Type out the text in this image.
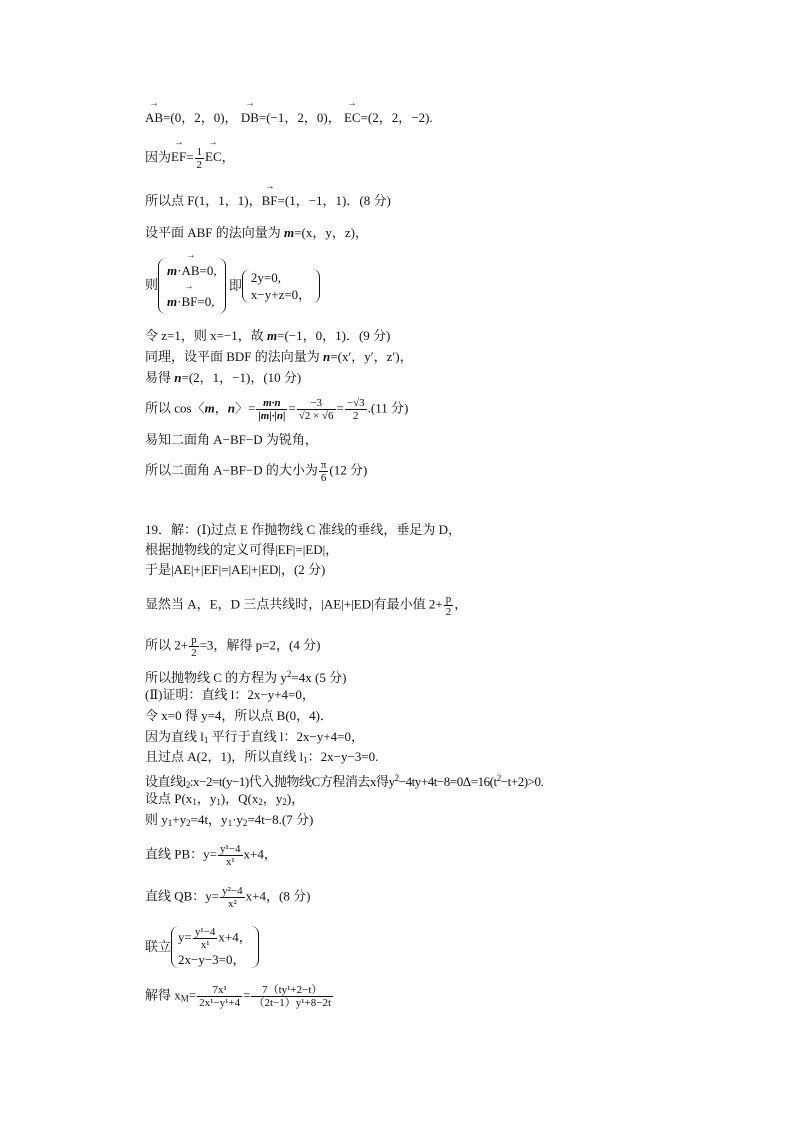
→ AB=(0，2，0)， → DB=(−1，2，0)， → EC=(2，2，−2).
因为→ $EF= \frac{1}{2}$ → EC，
所以点 F(1，1，1)，→ BF=(1，−1，1)．(8 分)
设平面 ABF 的法向量为 m=(x，y，z)，
则
m·→ AB=0,
m·→ BF=0,
即
2y=0,
x−y+z=0，
令 z=1，则 x=−1，故 m=(−1，0，1)．(9 分)
同理，设平面 BDF 的法向量为 n=(x′，y′，z′)，
易得 n=(2，1，−1)，(10 分)
所以 cos〈m，n〉= $\frac{m\cdot n}{|m|\cdot|n|} = \frac{-3}{√2 \times √6} = \frac{-√3}{2} .(11$ 分)
易知二面角 A−BF−D 为锐角，
所以二面角 A−BF−D 的大小为 $\frac{\pi}{6} (12$ 分)
19．解：(Ⅰ)过点 E 作抛物线 C 准线的垂线，垂足为 D，
根据抛物线的定义可得|EF|=|ED|，
于是|AE|+|EF|=|AE|+|ED|，(2 分)
显然当 A，E，D 三点共线时，|AE|+|ED|有最小值 $2+ \frac{p}{2}$ ，
所以 $2+ \frac{p}{2} =3$，解得 p=2，(4 分)
所以抛物线 C 的方程为 $y^2=4x$ (5 分)
(Ⅱ)证明：直线 l：2x−y+4=0，
令 x=0 得 y=4，所以点 B(0，4)．
因为直线 $l_1$ 平行于直线 l：2x−y+4=0，
且过点 A(2，1)，所以直线 $l_1$：2x−y−3=0.
设直线$l_2:x-2=t(y-1)$代入抛物线C方程消去x得$y^2-4ty+4t-8=0\Delta=16(t^2-t+2)>0$.
设点 $P(x_1$，$y_1$)，$Q(x_2$，$y_2$)，
则 $y_1+y_2=4t$，$y_1\cdot y_2=4t-8.(7$ 分)
直线 PB：$y= \frac{\text{y¹−4}}{\text{x¹}} x+4$，
直线 QB：$y= \frac{\text{y²−4}}{\text{x²}} x+4$，(8 分)
联立
$y= \frac{\text{y¹−4}}{\text{x¹}} x+4$，
2x−y−3=0，
解得 $x_M= \frac{\text{7x¹}}{\text{2x¹−y¹+4}} = \frac{\text{7（ty¹+2−t）}}{\text{（2t−1）y¹+8−2t}}$
